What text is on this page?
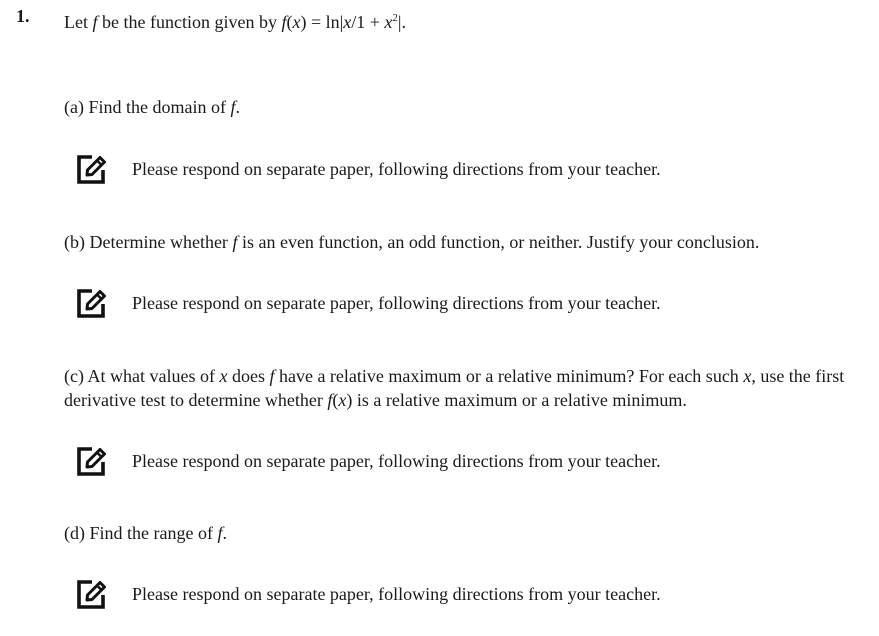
1. Let f be the function given by $f(x) = \ln|x/1 + x^2|$.
(a) Find the domain of f.
Please respond on separate paper, following directions from your teacher.
(b) Determine whether f is an even function, an odd function, or neither. Justify your conclusion.
Please respond on separate paper, following directions from your teacher.
(c) At what values of x does f have a relative maximum or a relative minimum? For each such x, use the first derivative test to determine whether f(x) is a relative maximum or a relative minimum.
Please respond on separate paper, following directions from your teacher.
(d) Find the range of f.
Please respond on separate paper, following directions from your teacher.
